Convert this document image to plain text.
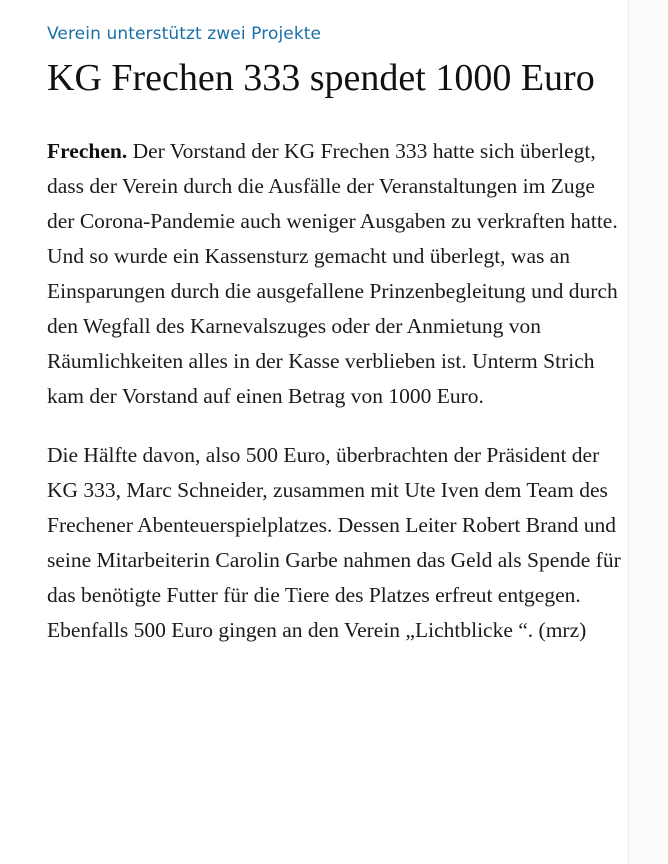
Verein unterstützt zwei Projekte

KG Frechen 333 spendet 1000 Euro

Frechen. Der Vorstand der KG Frechen 333 hatte sich überlegt, dass der Verein durch die Ausfälle der Veranstaltungen im Zuge der Corona-Pandemie auch weniger Ausgaben zu verkraften hatte. Und so wurde ein Kassensturz gemacht und überlegt, was an Einsparungen durch die ausgefallene Prinzenbegleitung und durch den Wegfall des Karnevalszuges oder der Anmietung von Räumlichkeiten alles in der Kasse verblieben ist. Unterm Strich kam der Vorstand auf einen Betrag von 1000 Euro.

Die Hälfte davon, also 500 Euro, überbrachten der Präsident der KG 333, Marc Schneider, zusammen mit Ute Iven dem Team des Frechener Abenteuerspielplatzes. Dessen Leiter Robert Brand und seine Mitarbeiterin Carolin Garbe nahmen das Geld als Spende für das benötigte Futter für die Tiere des Platzes erfreut entgegen. Ebenfalls 500 Euro gingen an den Verein „Lichtblicke “. (mrz)
